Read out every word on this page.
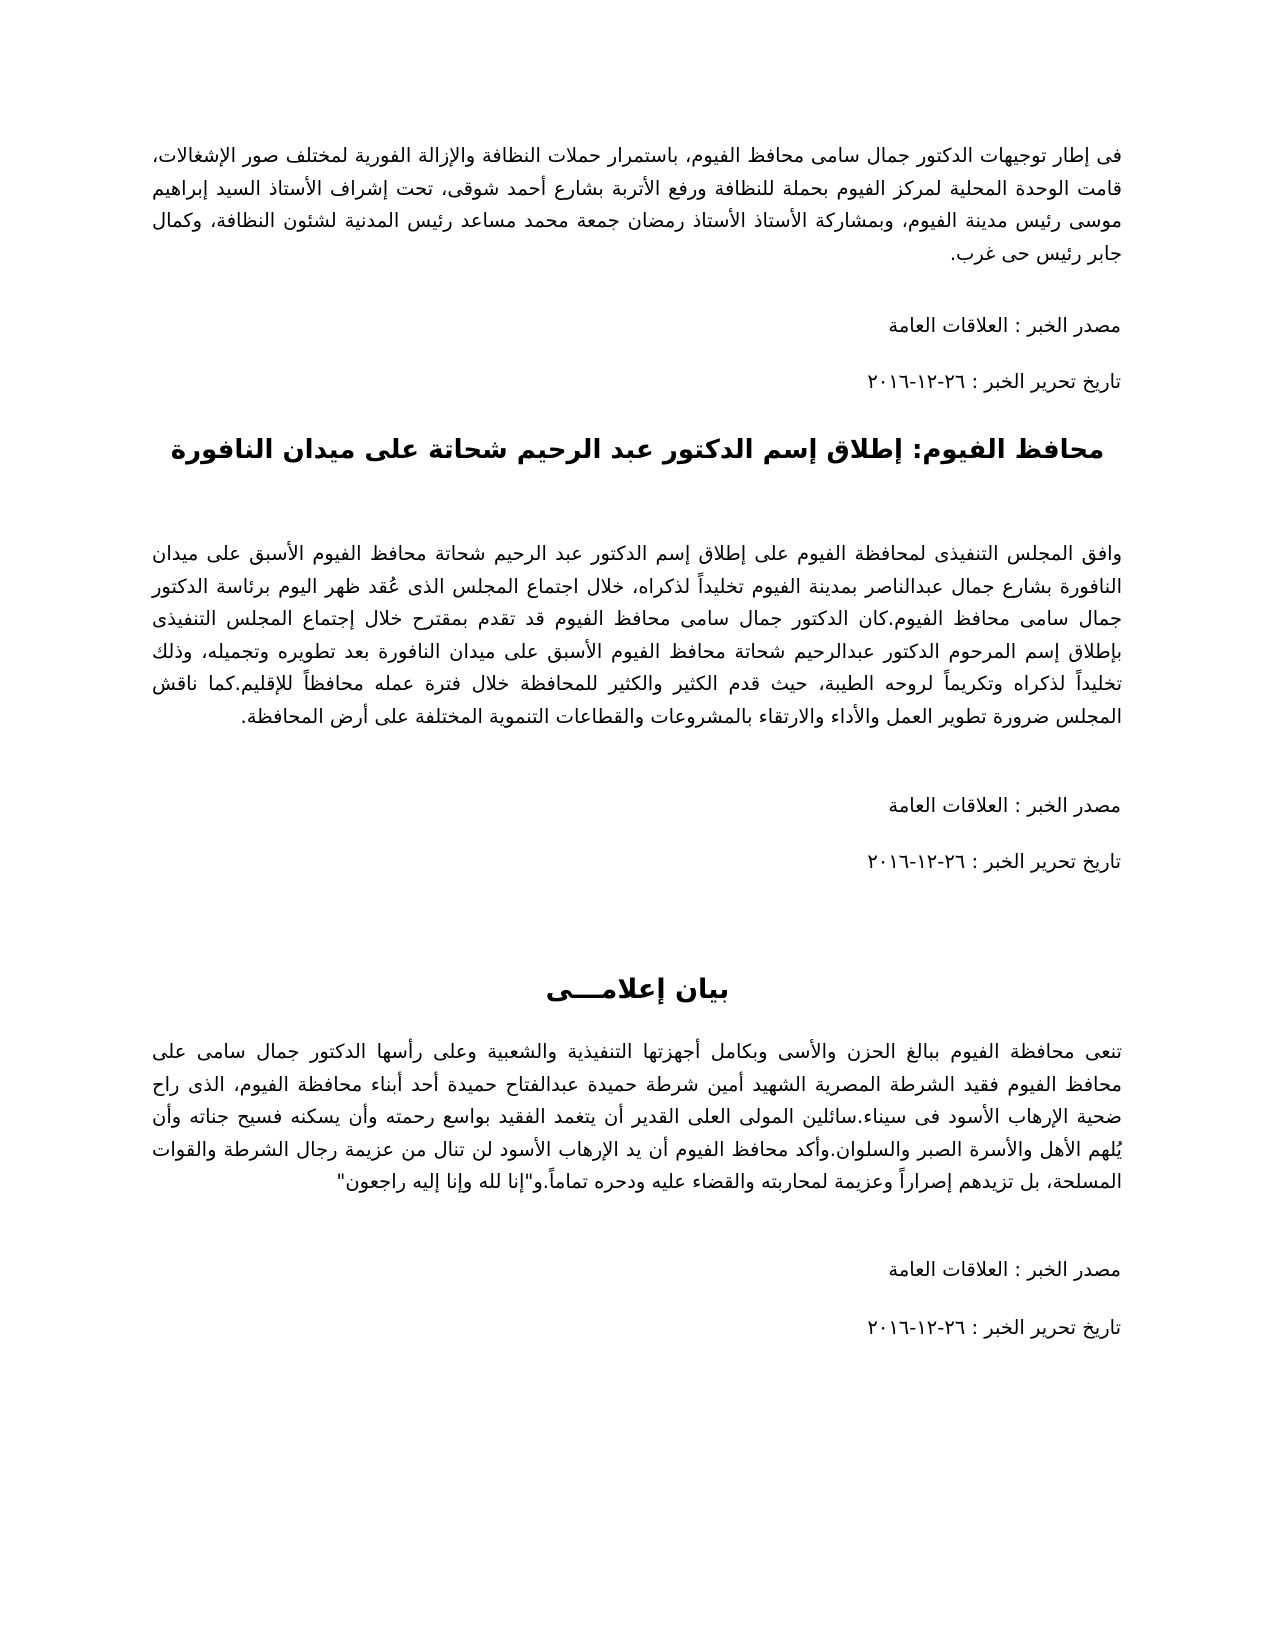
فى إطار توجيهات الدكتور جمال سامى محافظ الفيوم، باستمرار حملات النظافة والإزالة الفورية لمختلف صور الإشغالات، قامت الوحدة المحلية لمركز الفيوم بحملة للنظافة ورفع الأتربة بشارع أحمد شوقى، تحت إشراف الأستاذ السيد إبراهيم موسى رئيس مدينة الفيوم، وبمشاركة الأستاذ الأستاذ رمضان جمعة محمد مساعد رئيس المدنية لشئون النظافة، وكمال جابر رئيس حى غرب.

مصدر الخبر : العلاقات العامة

تاريخ تحرير الخبر : ٢٦-١٢-٢٠١٦

محافظ الفيوم: إطلاق إسم الدكتور عبد الرحيم شحاتة على ميدان النافورة

وافق المجلس التنفيذى لمحافظة الفيوم على إطلاق إسم الدكتور عبد الرحيم شحاتة محافظ الفيوم الأسبق على ميدان النافورة بشارع جمال عبدالناصر بمدينة الفيوم تخليداً لذكراه، خلال اجتماع المجلس الذى عُقد ظهر اليوم برئاسة الدكتور جمال سامى محافظ الفيوم.كان الدكتور جمال سامى محافظ الفيوم قد تقدم بمقترح خلال إجتماع المجلس التنفيذى بإطلاق إسم المرحوم الدكتور عبدالرحيم شحاتة محافظ الفيوم الأسبق على ميدان النافورة بعد تطويره وتجميله، وذلك تخليداً لذكراه وتكريماً لروحه الطيبة، حيث قدم الكثير والكثير للمحافظة خلال فترة عمله محافظاً للإقليم.كما ناقش المجلس ضرورة تطوير العمل والأداء والارتقاء بالمشروعات والقطاعات التنموية المختلفة على أرض المحافظة.

مصدر الخبر : العلاقات العامة

تاريخ تحرير الخبر : ٢٦-١٢-٢٠١٦

بيان إعلامـــى

تنعى محافظة الفيوم ببالغ الحزن والأسى وبكامل أجهزتها التنفيذية والشعبية وعلى رأسها الدكتور جمال سامى على محافظ الفيوم فقيد الشرطة المصرية الشهيد أمين شرطة حميدة عبدالفتاح حميدة أحد أبناء محافظة الفيوم، الذى راح ضحية الإرهاب الأسود فى سيناء.سائلين المولى العلى القدير أن يتغمد الفقيد بواسع رحمته وأن يسكنه فسيح جناته وأن يُلهم الأهل والأسرة الصبر والسلوان.وأكد محافظ الفيوم أن يد الإرهاب الأسود لن تنال من عزيمة رجال الشرطة والقوات المسلحة، بل تزيدهم إصراراً وعزيمة لمحاربته والقضاء عليه ودحره تماماً.و"إنا لله وإنا إليه راجعون"

مصدر الخبر : العلاقات العامة

تاريخ تحرير الخبر : ٢٦-١٢-٢٠١٦
